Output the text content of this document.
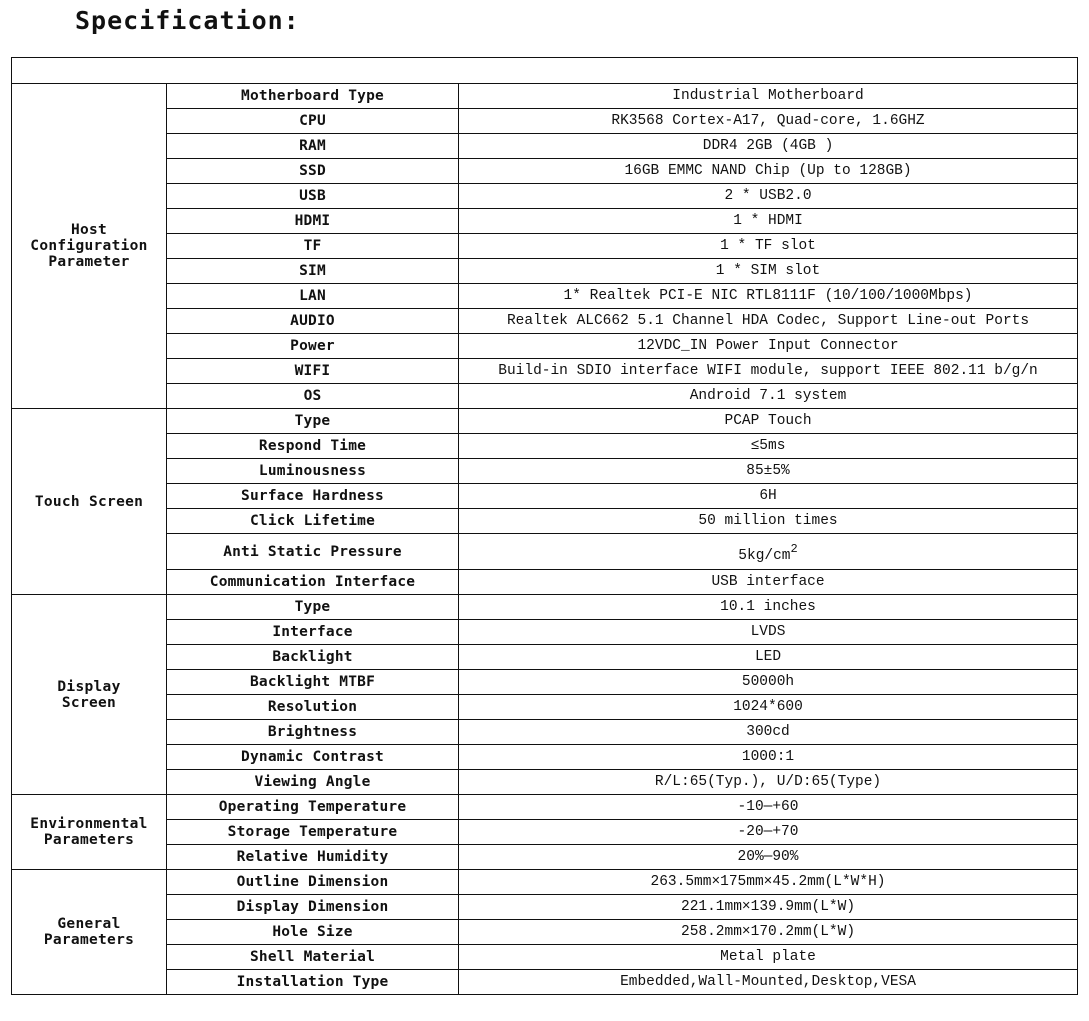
Specification:

Host
Configuration
Parameter	Motherboard Type	Industrial Motherboard
	CPU	RK3568 Cortex-A17, Quad-core, 1.6GHZ
	RAM	DDR4 2GB (4GB )
	SSD	16GB EMMC NAND Chip (Up to 128GB)
	USB	2 * USB2.0
	HDMI	1 * HDMI
	TF	1 * TF slot
	SIM	1 * SIM slot
	LAN	1* Realtek PCI-E NIC RTL8111F (10/100/1000Mbps)
	AUDIO	Realtek ALC662 5.1 Channel HDA Codec, Support Line-out Ports
	Power	12VDC_IN Power Input Connector
	WIFI	Build-in SDIO interface WIFI module, support IEEE 802.11 b/g/n
	OS	Android 7.1 system

Touch Screen	Type	PCAP Touch
	Respond Time	≤5ms
	Luminousness	85±5%
	Surface Hardness	6H
	Click Lifetime	50 million times
	Anti Static Pressure	$5kg/cm^2$
	Communication Interface	USB interface

Display
Screen	Type	10.1 inches
	Interface	LVDS
	Backlight	LED
	Backlight MTBF	50000h
	Resolution	1024*600
	Brightness	300cd
	Dynamic Contrast	1000:1
	Viewing Angle	R/L:65(Typ.), U/D:65(Type)

Environmental
Parameters	Operating Temperature	-10—+60
	Storage Temperature	-20—+70
	Relative Humidity	20%—90%

General
Parameters	Outline Dimension	263.5mm×175mm×45.2mm(L*W*H)
	Display Dimension	221.1mm×139.9mm(L*W)
	Hole Size	258.2mm×170.2mm(L*W)
	Shell Material	Metal plate
	Installation Type	Embedded,Wall-Mounted,Desktop,VESA
